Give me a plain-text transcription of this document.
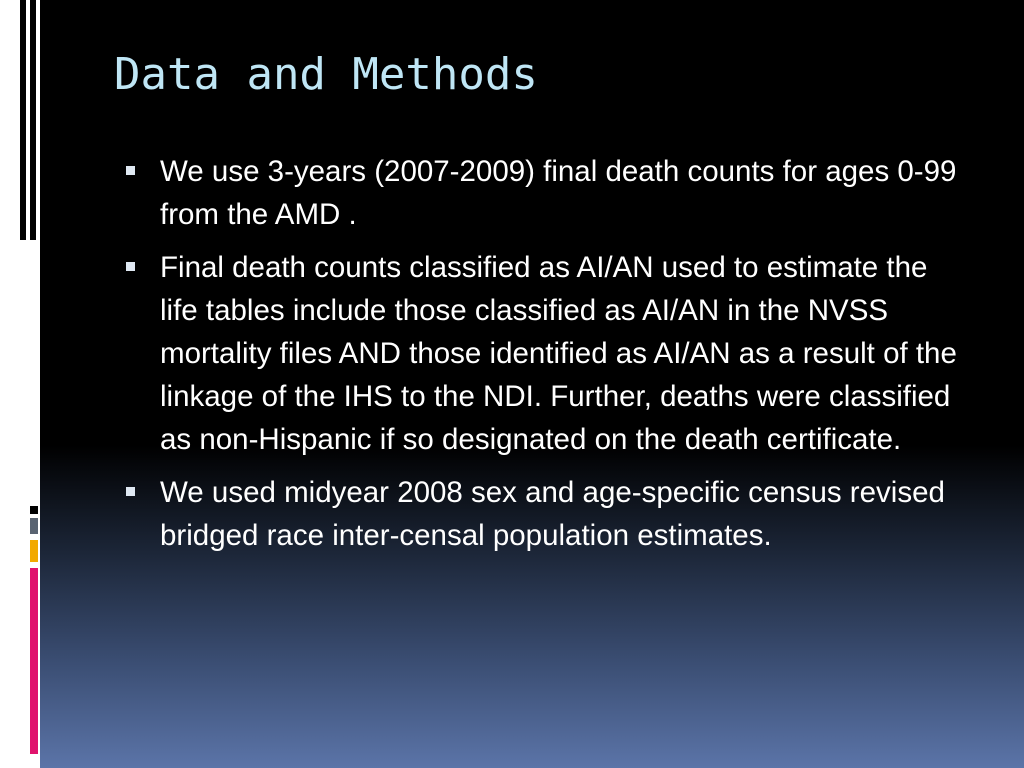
Data and Methods
We use 3-years (2007-2009) final death counts for ages 0-99 from the AMD .
Final death counts classified as AI/AN used to estimate the life tables include those classified as AI/AN in the NVSS mortality files AND those identified as AI/AN as a result of the linkage of the IHS to the NDI. Further, deaths were classified as non-Hispanic if so designated on the death certificate.
We used midyear 2008 sex and age-specific census revised bridged race inter-censal population estimates.
